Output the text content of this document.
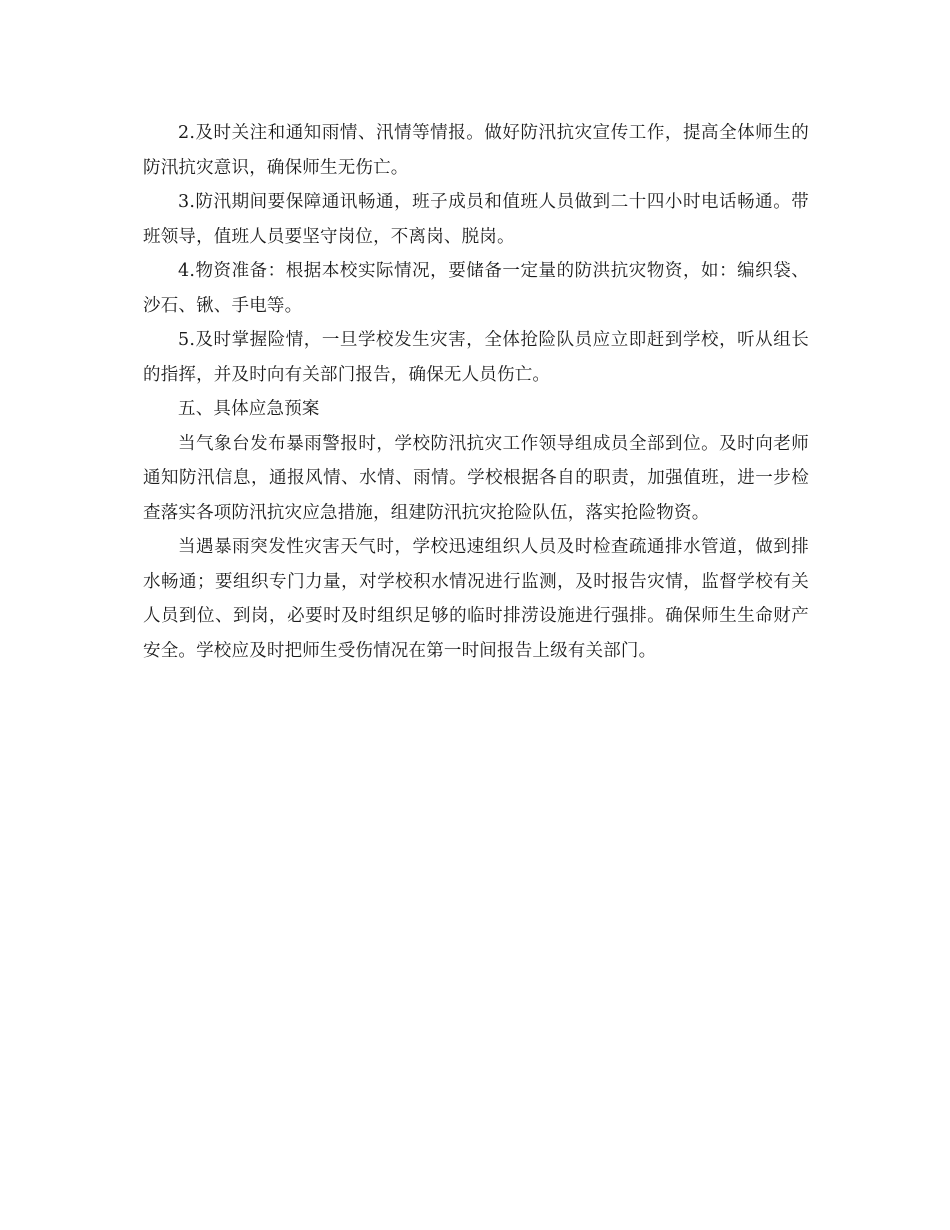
2.及时关注和通知雨情、汛情等情报。做好防汛抗灾宣传工作，提高全体师生的防汛抗灾意识，确保师生无伤亡。

3.防汛期间要保障通讯畅通，班子成员和值班人员做到二十四小时电话畅通。带班领导，值班人员要坚守岗位，不离岗、脱岗。

4.物资准备：根据本校实际情况，要储备一定量的防洪抗灾物资，如：编织袋、沙石、锹、手电等。

5.及时掌握险情，一旦学校发生灾害，全体抢险队员应立即赶到学校，听从组长的指挥，并及时向有关部门报告，确保无人员伤亡。

五、具体应急预案

当气象台发布暴雨警报时，学校防汛抗灾工作领导组成员全部到位。及时向老师通知防汛信息，通报风情、水情、雨情。学校根据各自的职责，加强值班，进一步检查落实各项防汛抗灾应急措施，组建防汛抗灾抢险队伍，落实抢险物资。

当遇暴雨突发性灾害天气时，学校迅速组织人员及时检查疏通排水管道，做到排水畅通；要组织专门力量，对学校积水情况进行监测，及时报告灾情，监督学校有关人员到位、到岗，必要时及时组织足够的临时排涝设施进行强排。确保师生生命财产安全。学校应及时把师生受伤情况在第一时间报告上级有关部门。
